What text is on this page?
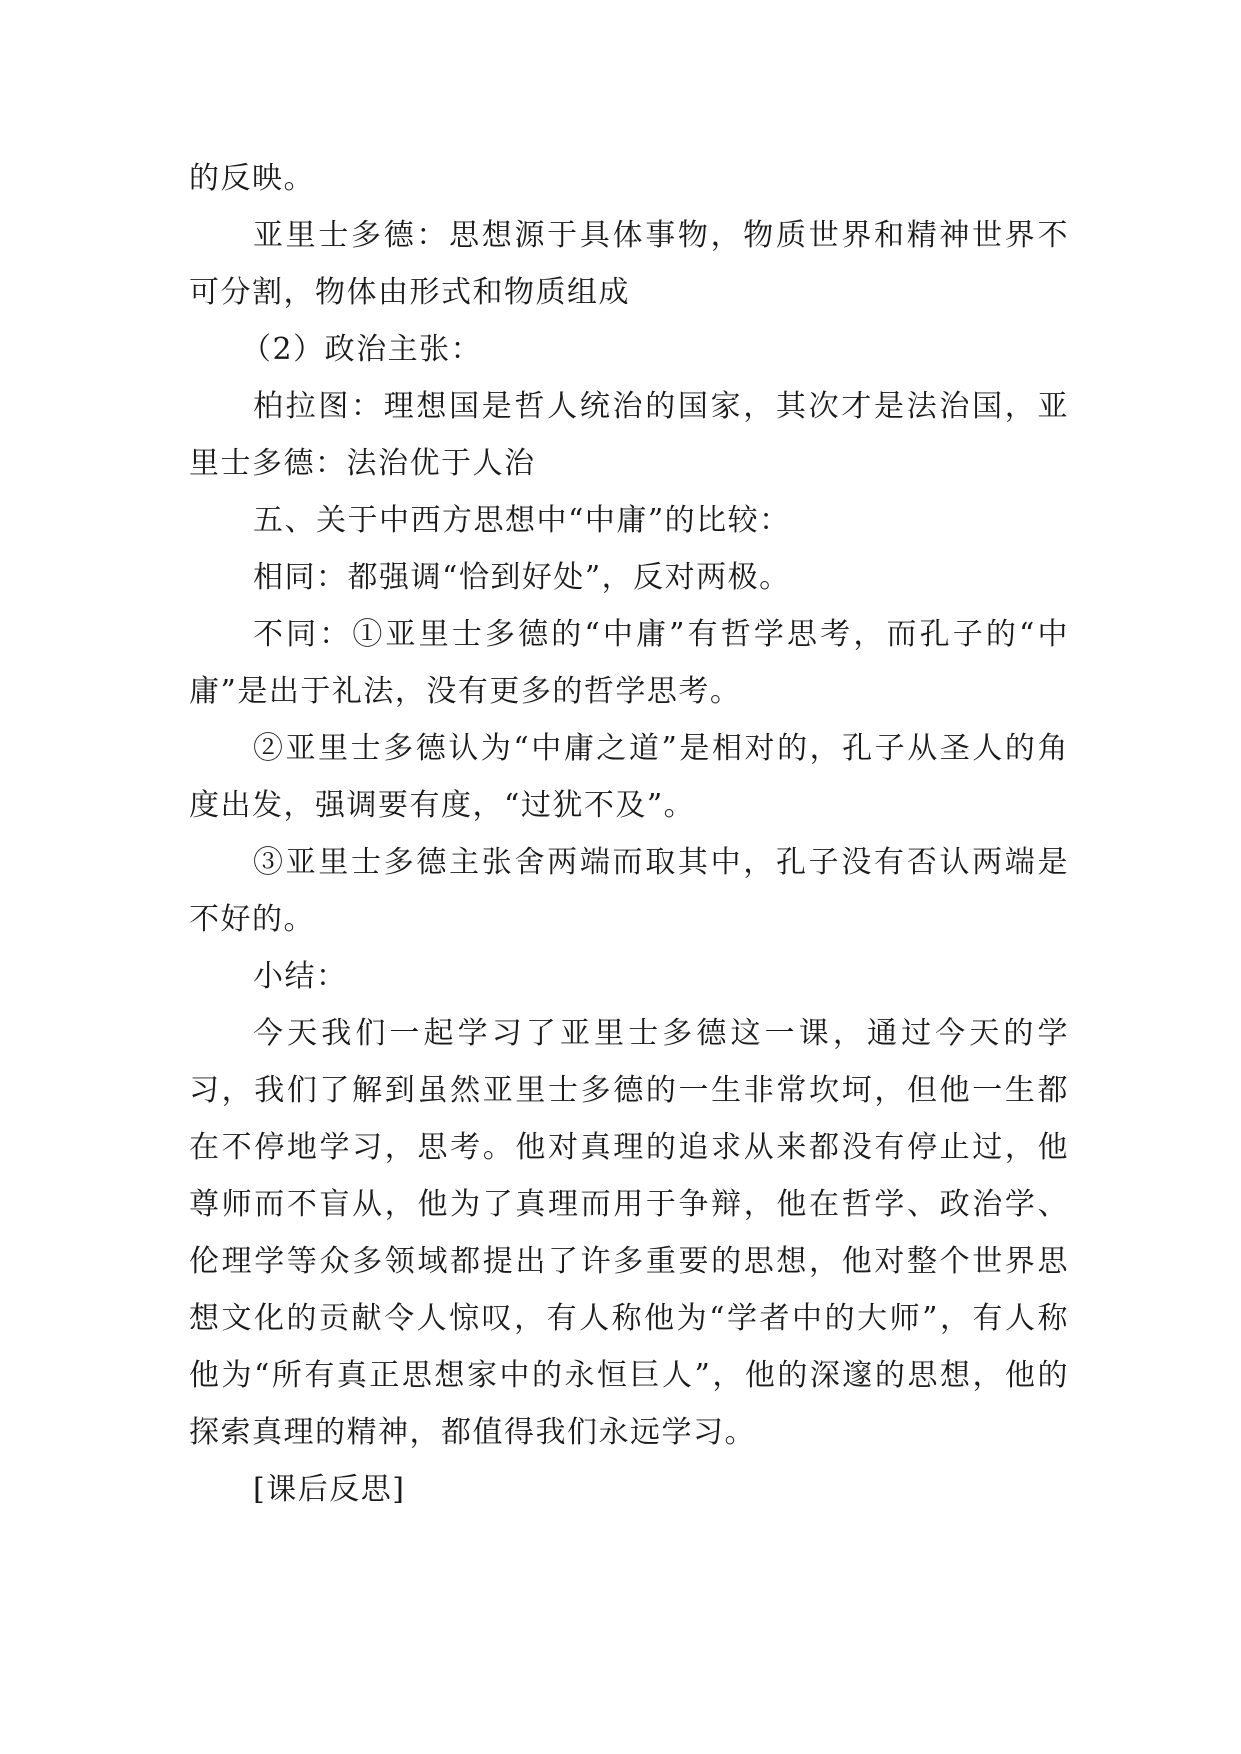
的反映。

亚里士多德：思想源于具体事物，物质世界和精神世界不可分割，物体由形式和物质组成

（2）政治主张：

柏拉图：理想国是哲人统治的国家，其次才是法治国，亚里士多德：法治优于人治

五、关于中西方思想中“中庸”的比较：

相同：都强调“恰到好处”，反对两极。

不同：①亚里士多德的“中庸”有哲学思考，而孔子的“中庸”是出于礼法，没有更多的哲学思考。

②亚里士多德认为“中庸之道”是相对的，孔子从圣人的角度出发，强调要有度，“过犹不及”。

③亚里士多德主张舍两端而取其中，孔子没有否认两端是不好的。

小结：

今天我们一起学习了亚里士多德这一课，通过今天的学习，我们了解到虽然亚里士多德的一生非常坎坷，但他一生都在不停地学习，思考。他对真理的追求从来都没有停止过，他尊师而不盲从，他为了真理而用于争辩，他在哲学、政治学、伦理学等众多领域都提出了许多重要的思想，他对整个世界思想文化的贡献令人惊叹，有人称他为“学者中的大师”，有人称他为“所有真正思想家中的永恒巨人”，他的深邃的思想，他的探索真理的精神，都值得我们永远学习。

[课后反思]
